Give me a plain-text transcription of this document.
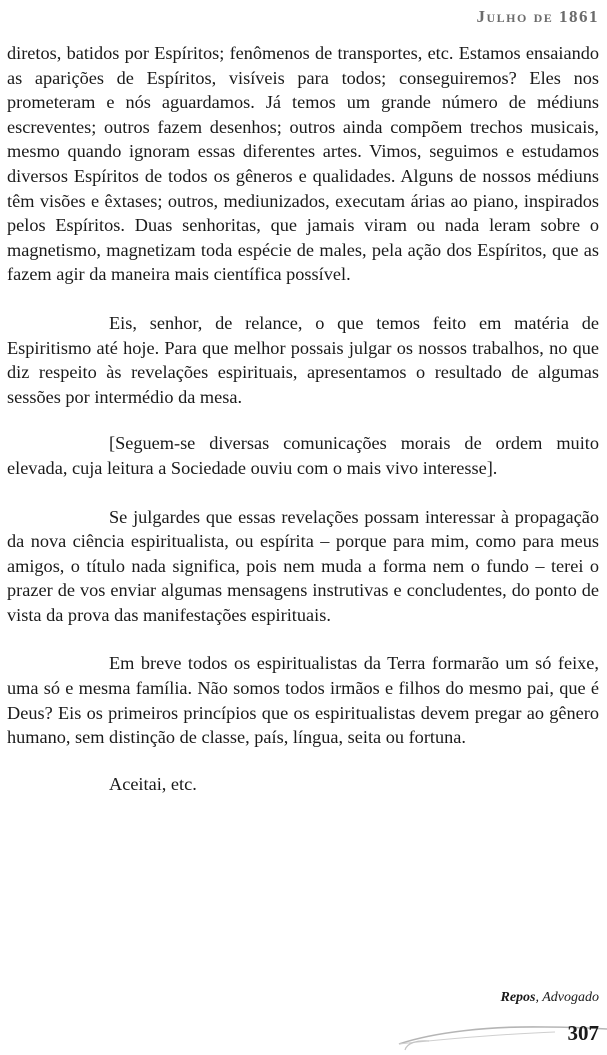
Julho de 1861

diretos, batidos por Espíritos; fenômenos de transportes, etc. Estamos ensaiando as aparições de Espíritos, visíveis para todos; conseguiremos? Eles nos prometeram e nós aguardamos. Já temos um grande número de médiuns escreventes; outros fazem desenhos; outros ainda compõem trechos musicais, mesmo quando ignoram essas diferentes artes. Vimos, seguimos e estudamos diversos Espíritos de todos os gêneros e qualidades. Alguns de nossos médiuns têm visões e êxtases; outros, mediunizados, executam árias ao piano, inspirados pelos Espíritos. Duas senhoritas, que jamais viram ou nada leram sobre o magnetismo, magnetizam toda espécie de males, pela ação dos Espíritos, que as fazem agir da maneira mais científica possível.

Eis, senhor, de relance, o que temos feito em matéria de Espiritismo até hoje. Para que melhor possais julgar os nossos trabalhos, no que diz respeito às revelações espirituais, apresentamos o resultado de algumas sessões por intermédio da mesa.

[Seguem-se diversas comunicações morais de ordem muito elevada, cuja leitura a Sociedade ouviu com o mais vivo interesse].

Se julgardes que essas revelações possam interessar à propagação da nova ciência espiritualista, ou espírita – porque para mim, como para meus amigos, o título nada significa, pois nem muda a forma nem o fundo – terei o prazer de vos enviar algumas mensagens instrutivas e concludentes, do ponto de vista da prova das manifestações espirituais.

Em breve todos os espiritualistas da Terra formarão um só feixe, uma só e mesma família. Não somos todos irmãos e filhos do mesmo pai, que é Deus? Eis os primeiros princípios que os espiritualistas devem pregar ao gênero humano, sem distinção de classe, país, língua, seita ou fortuna.

Aceitai, etc.

Repos, Advogado
307
